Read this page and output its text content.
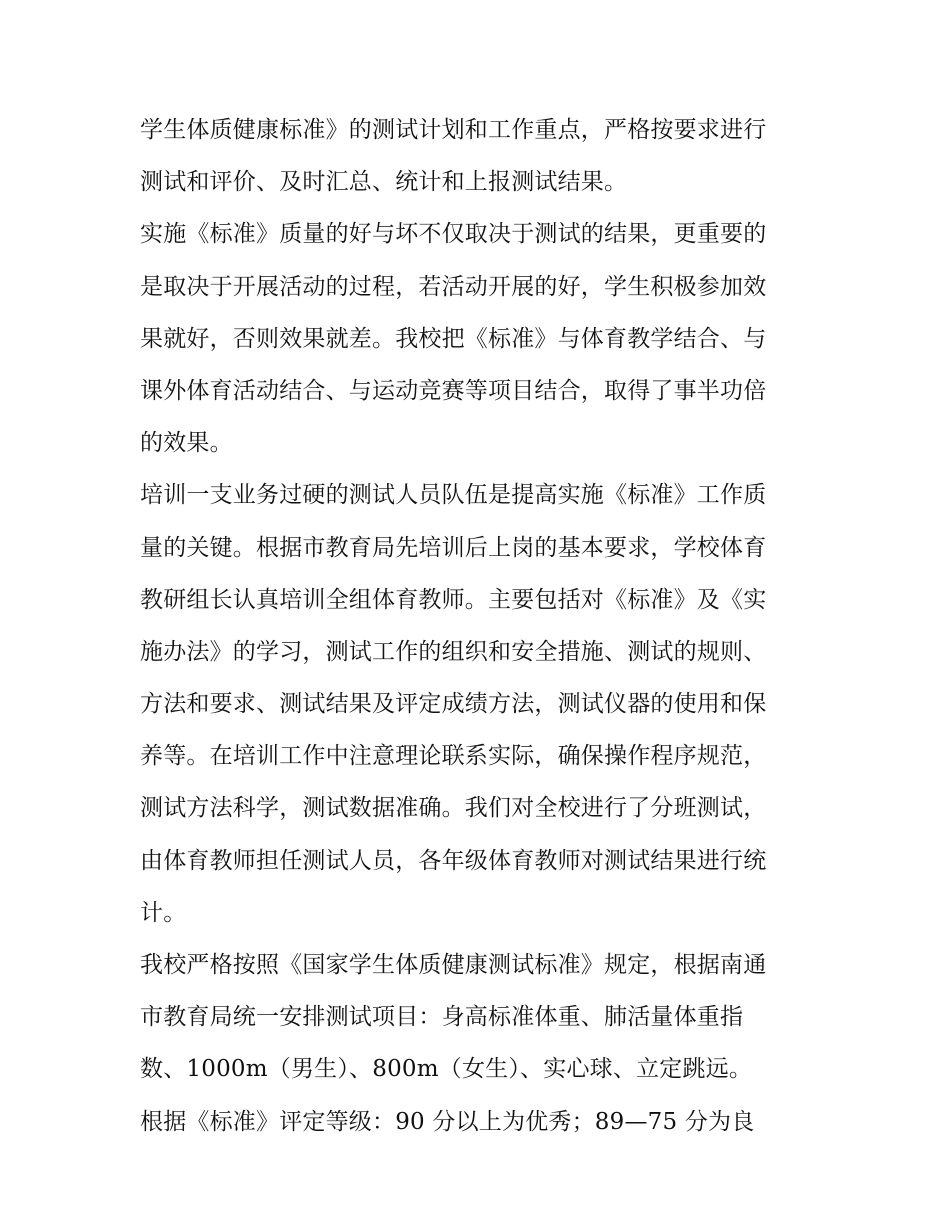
学生体质健康标准》的测试计划和工作重点，严格按要求进行
测试和评价、及时汇总、统计和上报测试结果。
实施《标准》质量的好与坏不仅取决于测试的结果，更重要的
是取决于开展活动的过程，若活动开展的好，学生积极参加效
果就好，否则效果就差。我校把《标准》与体育教学结合、与
课外体育活动结合、与运动竞赛等项目结合，取得了事半功倍
的效果。
培训一支业务过硬的测试人员队伍是提高实施《标准》工作质
量的关键。根据市教育局先培训后上岗的基本要求，学校体育
教研组长认真培训全组体育教师。主要包括对《标准》及《实
施办法》的学习，测试工作的组织和安全措施、测试的规则、
方法和要求、测试结果及评定成绩方法，测试仪器的使用和保
养等。在培训工作中注意理论联系实际，确保操作程序规范，
测试方法科学，测试数据准确。我们对全校进行了分班测试，
由体育教师担任测试人员，各年级体育教师对测试结果进行统
计。
我校严格按照《国家学生体质健康测试标准》规定，根据南通
市教育局统一安排测试项目：身高标准体重、肺活量体重指
数、1000m（男生）、800m（女生）、实心球、立定跳远。
根据《标准》评定等级：90 分以上为优秀；89—75 分为良
